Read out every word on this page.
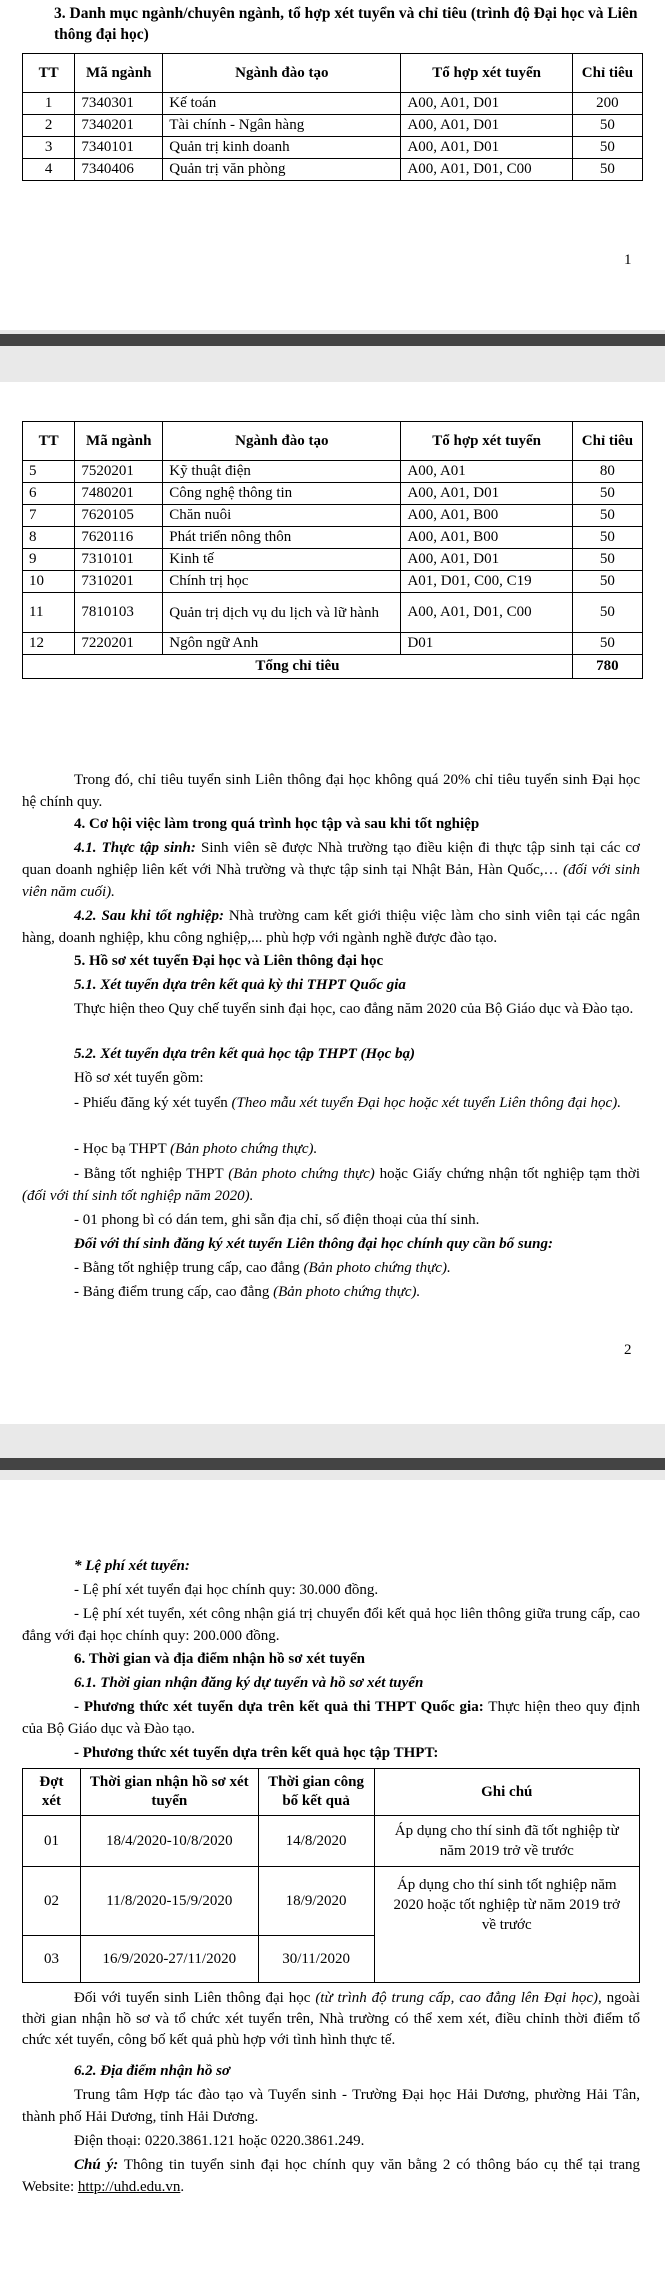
3. Danh mục ngành/chuyên ngành, tổ hợp xét tuyển và chỉ tiêu (trình độ Đại học và Liên thông đại học)

TT	Mã ngành	Ngành đào tạo	Tổ hợp xét tuyển	Chỉ tiêu
1	7340301	Kế toán	A00, A01, D01	200
2	7340201	Tài chính - Ngân hàng	A00, A01, D01	50
3	7340101	Quản trị kinh doanh	A00, A01, D01	50
4	7340406	Quản trị văn phòng	A00, A01, D01, C00	50
1
TT	Mã ngành	Ngành đào tạo	Tổ hợp xét tuyển	Chỉ tiêu
5	7520201	Kỹ thuật điện	A00, A01	80
6	7480201	Công nghệ thông tin	A00, A01, D01	50
7	7620105	Chăn nuôi	A00, A01, B00	50
8	7620116	Phát triển nông thôn	A00, A01, B00	50
9	7310101	Kinh tế	A00, A01, D01	50
10	7310201	Chính trị học	A01, D01, C00, C19	50
11	7810103	Quản trị dịch vụ du lịch và lữ hành	A00, A01, D01, C00	50
12	7220201	Ngôn ngữ Anh	D01	50
Tổng chỉ tiêu				780
Trong đó, chỉ tiêu tuyển sinh Liên thông đại học không quá 20% chỉ tiêu tuyển sinh Đại học hệ chính quy.
4. Cơ hội việc làm trong quá trình học tập và sau khi tốt nghiệp
4.1. Thực tập sinh: Sinh viên sẽ được Nhà trường tạo điều kiện đi thực tập sinh tại các cơ quan doanh nghiệp liên kết với Nhà trường và thực tập sinh tại Nhật Bản, Hàn Quốc,… (đối với sinh viên năm cuối).
4.2. Sau khi tốt nghiệp: Nhà trường cam kết giới thiệu việc làm cho sinh viên tại các ngân hàng, doanh nghiệp, khu công nghiệp,... phù hợp với ngành nghề được đào tạo.
5. Hồ sơ xét tuyển Đại học và Liên thông đại học
5.1. Xét tuyển dựa trên kết quả kỳ thi THPT Quốc gia
Thực hiện theo Quy chế tuyển sinh đại học, cao đẳng năm 2020 của Bộ Giáo dục và Đào tạo.
5.2. Xét tuyển dựa trên kết quả học tập THPT (Học bạ)
Hồ sơ xét tuyển gồm:
- Phiếu đăng ký xét tuyển (Theo mẫu xét tuyển Đại học hoặc xét tuyển Liên thông đại học).
- Học bạ THPT (Bản photo chứng thực).
- Bằng tốt nghiệp THPT (Bản photo chứng thực) hoặc Giấy chứng nhận tốt nghiệp tạm thời (đối với thí sinh tốt nghiệp năm 2020).
- 01 phong bì có dán tem, ghi sẵn địa chỉ, số điện thoại của thí sinh.
Đối với thí sinh đăng ký xét tuyển Liên thông đại học chính quy cần bổ sung:
- Bằng tốt nghiệp trung cấp, cao đẳng (Bản photo chứng thực).
- Bảng điểm trung cấp, cao đẳng (Bản photo chứng thực).
2
* Lệ phí xét tuyển:
- Lệ phí xét tuyển đại học chính quy: 30.000 đồng.
- Lệ phí xét tuyển, xét công nhận giá trị chuyển đổi kết quả học liên thông giữa trung cấp, cao đẳng với đại học chính quy: 200.000 đồng.
6. Thời gian và địa điểm nhận hồ sơ xét tuyển
6.1. Thời gian nhận đăng ký dự tuyển và hồ sơ xét tuyển
- Phương thức xét tuyển dựa trên kết quả thi THPT Quốc gia: Thực hiện theo quy định của Bộ Giáo dục và Đào tạo.
- Phương thức xét tuyển dựa trên kết quả học tập THPT:
Đợt xét	Thời gian nhận hồ sơ xét tuyển	Thời gian công bố kết quả	Ghi chú
01	18/4/2020-10/8/2020	14/8/2020	Áp dụng cho thí sinh đã tốt nghiệp từ năm 2019 trở về trước
02	11/8/2020-15/9/2020	18/9/2020	Áp dụng cho thí sinh tốt nghiệp năm 2020 hoặc tốt nghiệp từ năm 2019 trở về trước
03	16/9/2020-27/11/2020	30/11/2020	
Đối với tuyển sinh Liên thông đại học (từ trình độ trung cấp, cao đẳng lên Đại học), ngoài thời gian nhận hồ sơ và tổ chức xét tuyển trên, Nhà trường có thể xem xét, điều chỉnh thời điểm tổ chức xét tuyển, công bố kết quả phù hợp với tình hình thực tế.
6.2. Địa điểm nhận hồ sơ
Trung tâm Hợp tác đào tạo và Tuyển sinh - Trường Đại học Hải Dương, phường Hải Tân, thành phố Hải Dương, tỉnh Hải Dương.
Điện thoại: 0220.3861.121 hoặc 0220.3861.249.
Chú ý: Thông tin tuyển sinh đại học chính quy văn bằng 2 có thông báo cụ thể tại trang Website: http://uhd.edu.vn.
